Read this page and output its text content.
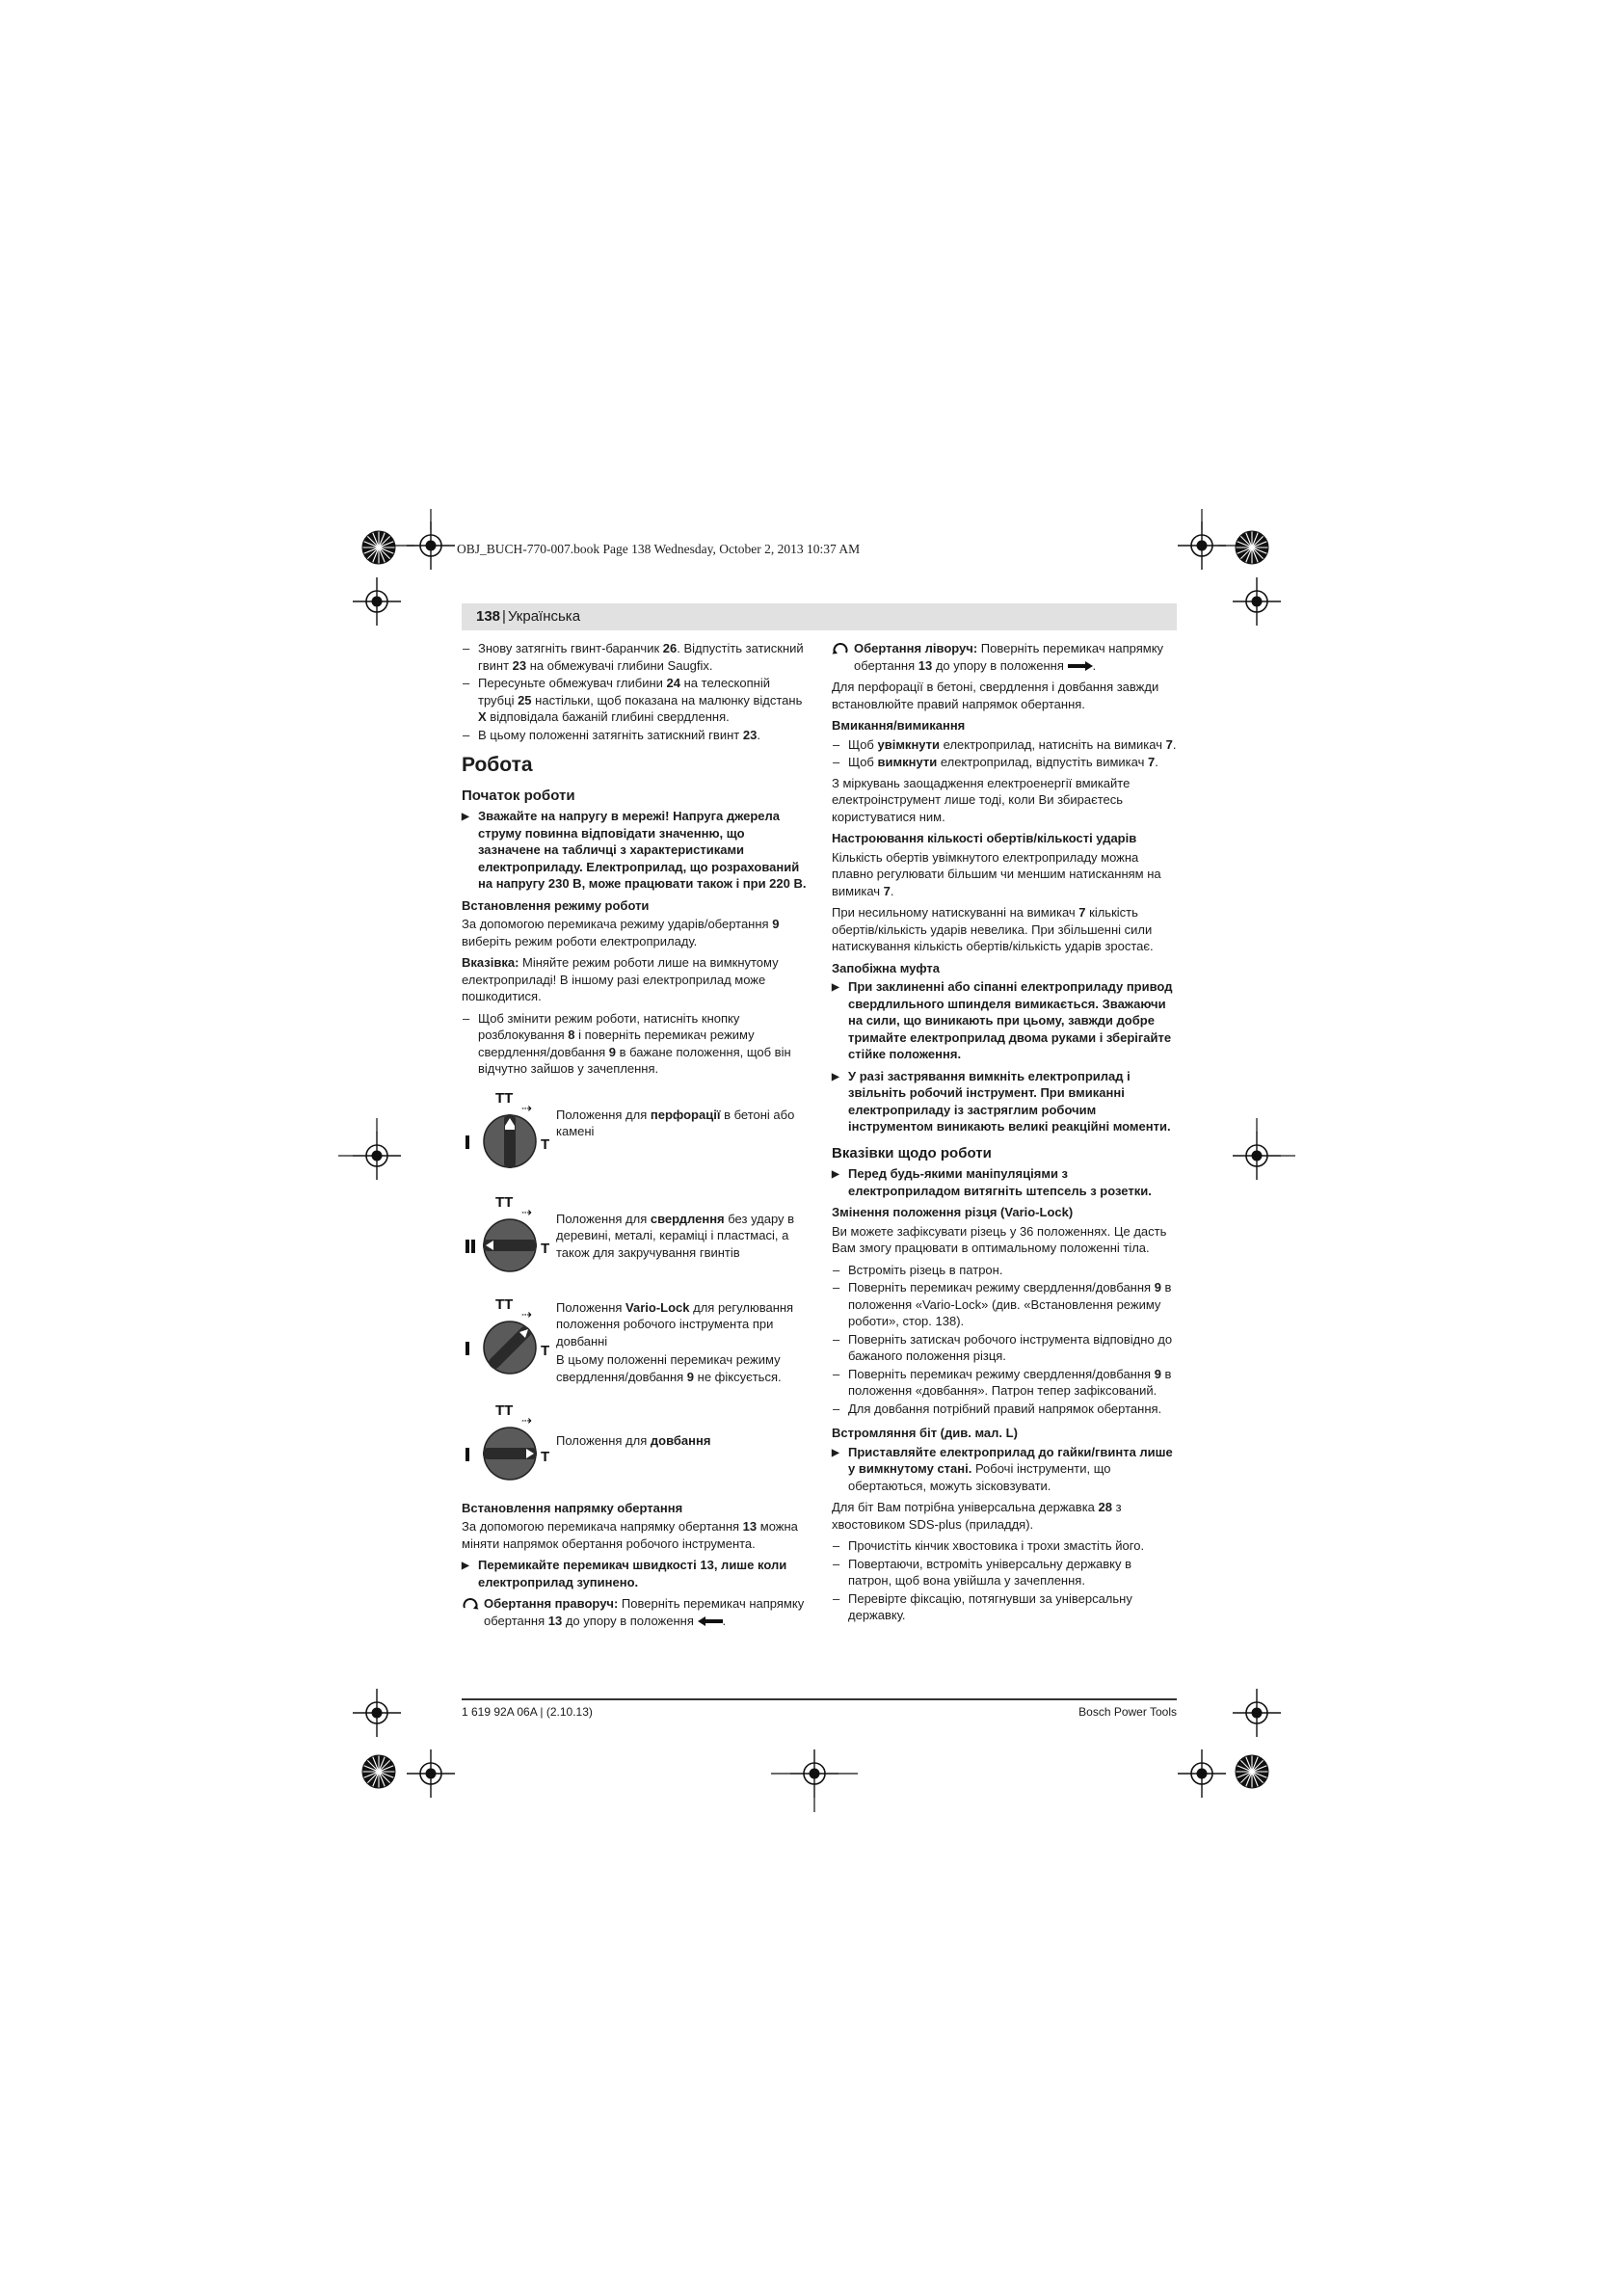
OBJ_BUCH-770-007.book Page 138 Wednesday, October 2, 2013 10:37 AM
138 | Українська
– Знову затягніть гвинт-баранчик 26. Відпустіть затискний гвинт 23 на обмежувачі глибини Saugfix.
– Пересуньте обмежувач глибини 24 на телескопній трубці 25 настільки, щоб показана на малюнку відстань X відповідала бажаній глибині свердлення.
– В цьому положенні затягніть затискний гвинт 23.
Робота
Початок роботи
▶ Зважайте на напругу в мережі! Напруга джерела струму повинна відповідати значенню, що зазначене на табличці з характеристиками електроприладу. Електроприлад, що розрахований на напругу 230 В, може працювати також і при 220 В.
Встановлення режиму роботи

За допомогою перемикача режиму ударів/обертання 9 виберіть режим роботи електроприладу.

Вказівка: Міняйте режим роботи лише на вимкнутому електроприладі! В іншому разі електроприлад може пошкодитися.

– Щоб змінити режим роботи, натисніть кнопку розблокування 8 і поверніть перемикач режиму свердлення/довбання 9 в бажане положення, щоб він відчутно зайшов у зачеплення.
TT
⇢
T
Положення для перфорації в бетоні або камені
TT
⇢
T
Положення для свердлення без удару в деревині, металі, кераміці і пластмасі, а також для закручування гвинтів
TT
⇢
T
Положення Vario-Lock для регулювання положення робочого інструмента при довбанні
В цьому положенні перемикач режиму свердлення/довбання 9 не фіксується.
TT
⇢
T
Положення для довбання
Встановлення напрямку обертання

За допомогою перемикача напрямку обертання 13 можна міняти напрямок обертання робочого інструмента.

▶ Перемикайте перемикач швидкості 13, лише коли електроприлад зупинено.
Обертання праворуч: Поверніть перемикач напрямку обертання 13 до упору в положення .
Обертання ліворуч: Поверніть перемикач напрямку обертання 13 до упору в положення .

Для перфорації в бетоні, свердлення і довбання завжди встановлюйте правий напрямок обертання.

Вмикання/вимикання
– Щоб увімкнути електроприлад, натисніть на вимикач 7.
– Щоб вимкнути електроприлад, відпустіть вимикач 7.

З міркувань заощадження електроенергії вмикайте електроінструмент лише тоді, коли Ви збираєтесь користуватися ним.

Настроювання кількості обертів/кількості ударів

Кількість обертів увімкнутого електроприладу можна плавно регулювати більшим чи меншим натисканням на вимикач 7.

При несильному натискуванні на вимикач 7 кількість обертів/кількість ударів невелика. При збільшенні сили натискування кількість обертів/кількість ударів зростає.

Запобіжна муфта
▶ При заклиненні або сіпанні електроприладу привод свердлильного шпинделя вимикається. Зважаючи на сили, що виникають при цьому, завжди добре тримайте електроприлад двома руками і зберігайте стійке положення.
▶ У разі застрявання вимкніть електроприлад і звільніть робочий інструмент. При вмиканні електроприладу із застряглим робочим інструментом виникають великі реакційні моменти.
Вказівки щодо роботи
▶ Перед будь-якими маніпуляціями з електроприладом витягніть штепсель з розетки.
Змінення положення різця (Vario-Lock)

Ви можете зафіксувати різець у 36 положеннях. Це дасть Вам змогу працювати в оптимальному положенні тіла.

– Встроміть різець в патрон.
– Поверніть перемикач режиму свердлення/довбання 9 в положення «Vario-Lock» (див. «Встановлення режиму роботи», стор. 138).
– Поверніть затискач робочого інструмента відповідно до бажаного положення різця.
– Поверніть перемикач режиму свердлення/довбання 9 в положення «довбання». Патрон тепер зафіксований.
– Для довбання потрібний правий напрямок обертання.
Встромляння біт (див. мал. L)
▶ Приставляйте електроприлад до гайки/гвинта лише у вимкнутому стані. Робочі інструменти, що обертаються, можуть зісковзувати.

Для біт Вам потрібна універсальна державка 28 з хвостовиком SDS-plus (приладдя).

– Прочистіть кінчик хвостовика і трохи змастіть його.
– Повертаючи, встроміть універсальну державку в патрон, щоб вона увійшла у зачеплення.
– Перевірте фіксацію, потягнувши за універсальну державку.
1 619 92A 06A | (2.10.13)	Bosch Power Tools
